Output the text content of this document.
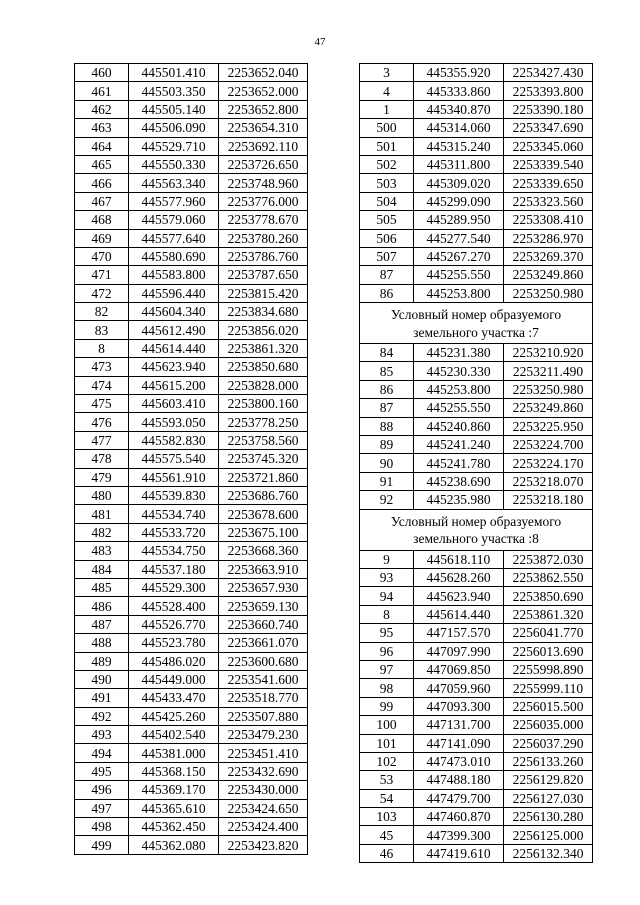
47
460	445501.410	2253652.040
461	445503.350	2253652.000
462	445505.140	2253652.800
463	445506.090	2253654.310
464	445529.710	2253692.110
465	445550.330	2253726.650
466	445563.340	2253748.960
467	445577.960	2253776.000
468	445579.060	2253778.670
469	445577.640	2253780.260
470	445580.690	2253786.760
471	445583.800	2253787.650
472	445596.440	2253815.420
82	445604.340	2253834.680
83	445612.490	2253856.020
8	445614.440	2253861.320
473	445623.940	2253850.680
474	445615.200	2253828.000
475	445603.410	2253800.160
476	445593.050	2253778.250
477	445582.830	2253758.560
478	445575.540	2253745.320
479	445561.910	2253721.860
480	445539.830	2253686.760
481	445534.740	2253678.600
482	445533.720	2253675.100
483	445534.750	2253668.360
484	445537.180	2253663.910
485	445529.300	2253657.930
486	445528.400	2253659.130
487	445526.770	2253660.740
488	445523.780	2253661.070
489	445486.020	2253600.680
490	445449.000	2253541.600
491	445433.470	2253518.770
492	445425.260	2253507.880
493	445402.540	2253479.230
494	445381.000	2253451.410
495	445368.150	2253432.690
496	445369.170	2253430.000
497	445365.610	2253424.650
498	445362.450	2253424.400
499	445362.080	2253423.820
3	445355.920	2253427.430
4	445333.860	2253393.800
1	445340.870	2253390.180
500	445314.060	2253347.690
501	445315.240	2253345.060
502	445311.800	2253339.540
503	445309.020	2253339.650
504	445299.090	2253323.560
505	445289.950	2253308.410
506	445277.540	2253286.970
507	445267.270	2253269.370
87	445255.550	2253249.860
86	445253.800	2253250.980
Условный номер образуемого земельного участка :7		
84	445231.380	2253210.920
85	445230.330	2253211.490
86	445253.800	2253250.980
87	445255.550	2253249.860
88	445240.860	2253225.950
89	445241.240	2253224.700
90	445241.780	2253224.170
91	445238.690	2253218.070
92	445235.980	2253218.180
Условный номер образуемого земельного участка :8		
9	445618.110	2253872.030
93	445628.260	2253862.550
94	445623.940	2253850.690
8	445614.440	2253861.320
95	447157.570	2256041.770
96	447097.990	2256013.690
97	447069.850	2255998.890
98	447059.960	2255999.110
99	447093.300	2256015.500
100	447131.700	2256035.000
101	447141.090	2256037.290
102	447473.010	2256133.260
53	447488.180	2256129.820
54	447479.700	2256127.030
103	447460.870	2256130.280
45	447399.300	2256125.000
46	447419.610	2256132.340
